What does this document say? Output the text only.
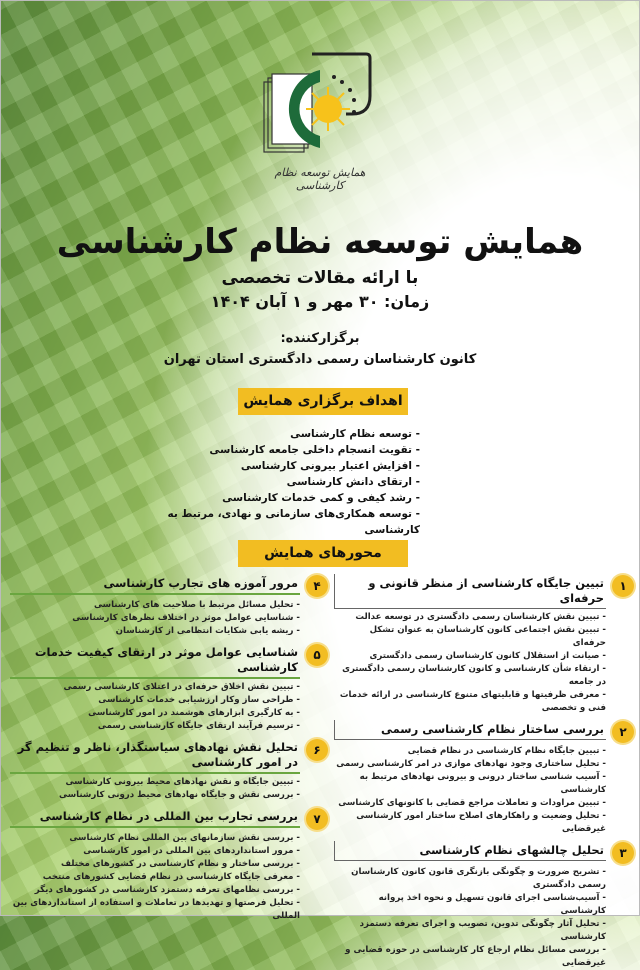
همایش توسعه نظام کارشناسی
همایش توسعه نظام کارشناسی
با ارائه مقالات تخصصی
زمان: ۳۰ مهر و ۱ آبان ۱۴۰۴
برگزارکننده:
کانون کارشناسان رسمی دادگستری استان تهران
اهداف برگزاری همایش
- توسعه نظام کارشناسی
- تقویت انسجام داخلی جامعه کارشناسی
- افزایش اعتبار بیرونی کارشناسی
- ارتقای دانش کارشناسی
- رشد کیفی و کمی خدمات کارشناسی
- توسعه همکاری‌های سازمانی و نهادی، مرتبط به کارشناسی
محورهای همایش
۱
تبیین جایگاه کارشناسی از منظر قانونی و حرفه‌ای
- تبیین نقش کارشناسان رسمی دادگستری در توسعه عدالت
- تبیین نقش اجتماعی کانون کارشناسان به عنوان تشکل حرفه‌ای
- صیانت از استقلال کانون کارشناسان رسمی دادگستری
- ارتقاء شأن کارشناسی و کانون کارشناسان رسمی دادگستری در جامعه
- معرفی ظرفیتها و قابلیتهای متنوع کارشناسی در ارائه خدمات فنی و تخصصی
۲
بررسی ساختار نظام کارشناسی رسمی
- تبیین جایگاه نظام کارشناسی در نظام قضایی
- تحلیل ساختاری وجود نهادهای موازی در امر کارشناسی رسمی
- آسیب شناسی ساختار درونی و بیرونی نهادهای مرتبط به کارشناسی
- تبیین مراودات و تعاملات مراجع قضایی با کانونهای کارشناسی
- تحلیل وضعیت و راهکارهای اصلاح ساختار امور کارشناسی غیرقضایی
۳
تحلیل چالشهای نظام کارشناسی
- تشریح ضرورت و چگونگی بازنگری قانون کانون کارشناسان رسمی دادگستری
- آسیب‌شناسی اجرای قانون تسهیل و نحوه اخذ پروانه کارشناسی
- تحلیل آثار چگونگی تدوین، تصویب و اجرای تعرفه دستمزد کارشناسی
- بررسی مسائل نظام ارجاع کار کارشناسی در حوزه قضایی و غیرقضایی
۴
مرور آموزه های تجارب کارشناسی
- تحلیل مسائل مرتبط با صلاحیت های کارشناسی
- شناسایی عوامل موثر در اختلاف نظرهای کارشناسی
- ریشه یابی شکایات انتظامی از کارشناسان
۵
شناسایی عوامل موثر در ارتقای کیفیت خدمات کارشناسی
- تبیین نقش اخلاق حرفه‌ای در اعتلای کارشناسی رسمی
- طراحی ساز وکار ارزشیابی خدمات کارشناسی
- به کارگیری ابزارهای هوشمند در امور کارشناسی
- ترسیم فرآیند ارتقای جایگاه کارشناسی رسمی
۶
تحلیل نقش نهادهای سیاستگذار، ناظر و تنظیم گر در امور کارشناسی
- تبیین جایگاه و نقش نهادهای محیط بیرونی کارشناسی
- بررسی نقش و جایگاه نهادهای محیط درونی کارشناسی
۷
بررسی تجارب بین المللی در نظام کارشناسی
- بررسی نقش سازمانهای بین المللی نظام کارشناسی
- مرور استانداردهای بین المللی در امور کارشناسی
- بررسی ساختار و نظام کارشناسی در کشورهای مختلف
- معرفی جایگاه کارشناسی در نظام قضایی کشورهای منتخب
- بررسی نظامهای تعرفه دستمزد کارشناسی در کشورهای دیگر
- تحلیل فرصتها و تهدیدها در تعاملات و استفاده از استانداردهای بین المللی
